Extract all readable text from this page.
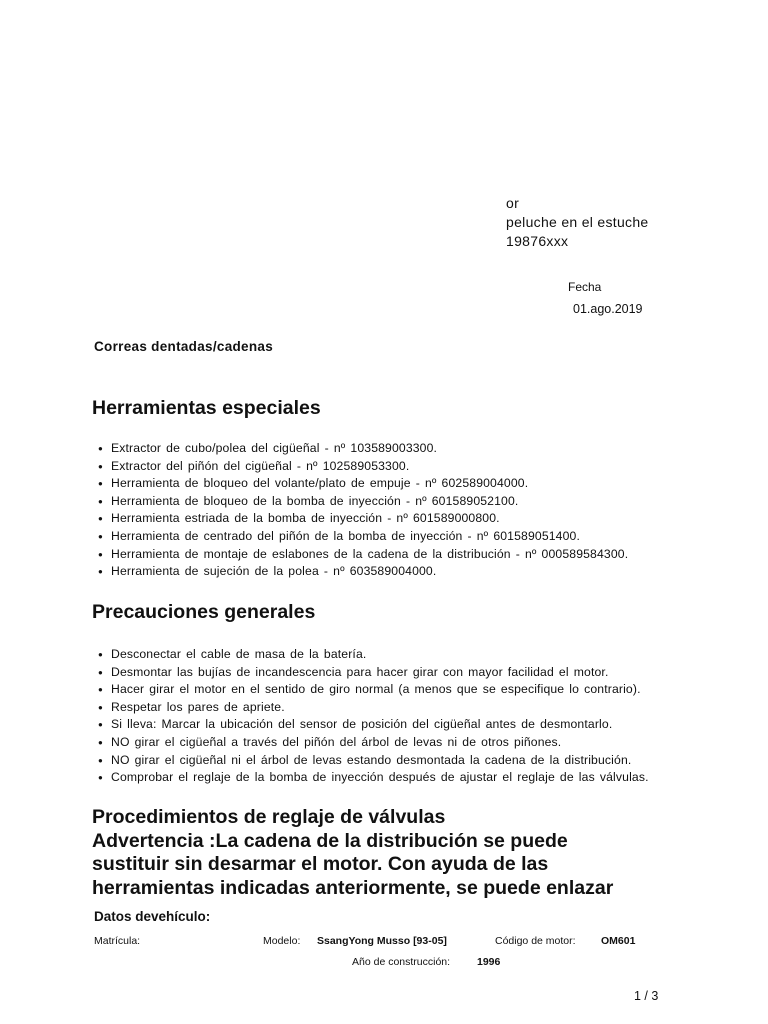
or
peluche en el estuche
19876xxx
Fecha
01.ago.2019
Correas dentadas/cadenas
Herramientas especiales
● Extractor de cubo/polea del cigüeñal - nº 103589003300.
● Extractor del piñón del cigüeñal - nº 102589053300.
● Herramienta de bloqueo del volante/plato de empuje - nº 602589004000.
● Herramienta de bloqueo de la bomba de inyección - nº 601589052100.
● Herramienta estriada de la bomba de inyección - nº 601589000800.
● Herramienta de centrado del piñón de la bomba de inyección - nº 601589051400.
● Herramienta de montaje de eslabones de la cadena de la distribución - nº 000589584300.
● Herramienta de sujeción de la polea - nº 603589004000.
Precauciones generales
● Desconectar el cable de masa de la batería.
● Desmontar las bujías de incandescencia para hacer girar con mayor facilidad el motor.
● Hacer girar el motor en el sentido de giro normal (a menos que se especifique lo contrario).
● Respetar los pares de apriete.
● Si lleva: Marcar la ubicación del sensor de posición del cigüeñal antes de desmontarlo.
● NO girar el cigüeñal a través del piñón del árbol de levas ni de otros piñones.
● NO girar el cigüeñal ni el árbol de levas estando desmontada la cadena de la distribución.
● Comprobar el reglaje de la bomba de inyección después de ajustar el reglaje de las válvulas.
Procedimientos de reglaje de válvulas
Advertencia :La cadena de la distribución se puede
sustituir sin desarmar el motor. Con ayuda de las
herramientas indicadas anteriormente, se puede enlazar
Datos devehículo:
Matrícula:	Modelo: SsangYong Musso [93-05]	Código de motor: OM601
Año de construcción:	1996
1 / 3
